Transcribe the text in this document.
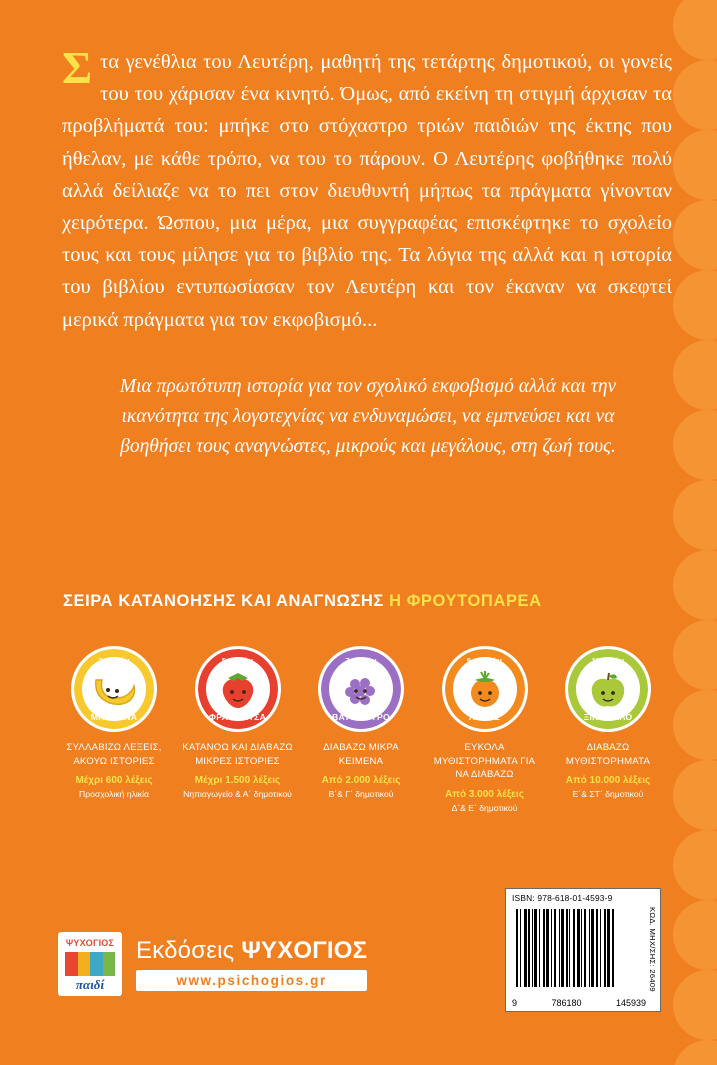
Στα γενέθλια του Λευτέρη, μαθητή της τετάρτης δημοτικού, οι γονείς του του χάρισαν ένα κινητό. Όμως, από εκείνη τη στιγμή άρχισαν τα προβλήματά του: μπήκε στο στόχαστρο τριών παιδιών της έκτης που ήθελαν, με κάθε τρόπο, να του το πάρουν. Ο Λευτέρης φοβήθηκε πολύ αλλά δείλιαζε να το πει στον διευθυντή μήπως τα πράγματα γίνονταν χειρότερα. Ώσπου, μια μέρα, μια συγγραφέας επισκέφτηκε το σχολείο τους και τους μίλησε για το βιβλίο της. Τα λόγια της αλλά και η ιστορία του βιβλίου εντυπωσίασαν τον Λευτέρη και τον έκαναν να σκεφτεί μερικά πράγματα για τον εκφοβισμό...

Μια πρωτότυπη ιστορία για τον σχολικό εκφοβισμό αλλά και την ικανότητα της λογοτεχνίας να ενδυναμώσει, να εμπνεύσει και να βοηθήσει τους αναγνώστες, μικρούς και μεγάλους, στη ζωή τους.
ΣΕΙΡΑ ΚΑΤΑΝΟΗΣΗΣ ΚΑΙ ΑΝΑΓΝΩΣΗΣ Η ΦΡΟΥΤΟΠΑΡΕΑ
2-4 ετών
ΜΠΑΝΑΝΑ
ΣΥΛΛΑΒΙΖΩ ΛΕΞΕΙΣ, ΑΚΟΥΩ ΙΣΤΟΡΙΕΣ
Μέχρι 600 λέξεις
Προσχολική ηλικία
5-6 ετών
ΦΡΑΟΥΛΙΤΣΑ
ΚΑΤΑΝΟΩ ΚΑΙ ΔΙΑΒΑΖΩ ΜΙΚΡΕΣ ΙΣΤΟΡΙΕΣ
Μέχρι 1.500 λέξεις
Νηπιαγωγείο & Α΄ δημοτικού
7-8 ετών
ΒΑΤΟΜΟΥΡΟ
ΔΙΑΒΑΖΩ ΜΙΚΡΑ ΚΕΙΜΕΝΑ
Από 2.000 λέξεις
Β΄& Γ΄ δημοτικού
9-11 ετών
ΛΩΤΟΣ
ΕΥΚΟΛΑ ΜΥΘΙΣΤΟΡΗΜΑΤΑ ΓΙΑ ΝΑ ΔΙΑΒΑΖΩ
Από 3.000 λέξεις
Δ΄& Ε΄ δημοτικού
11+ ετών
ΞΙΝΟΜΗΛΟ
ΔΙΑΒΑΖΩ ΜΥΘΙΣΤΟΡΗΜΑΤΑ
Από 10.000 λέξεις
Ε΄& ΣΤ΄ δημοτικού
ΨΥΧΟΓΙΟΣ
παιδί
Εκδόσεις ΨΥΧΟΓΙΟΣ
www.psichogios.gr
ISBN: 978-618-01-4593-9
9	786180	145939
ΚΩΔ. ΜΗΧ/ΣΗΣ: 26409
